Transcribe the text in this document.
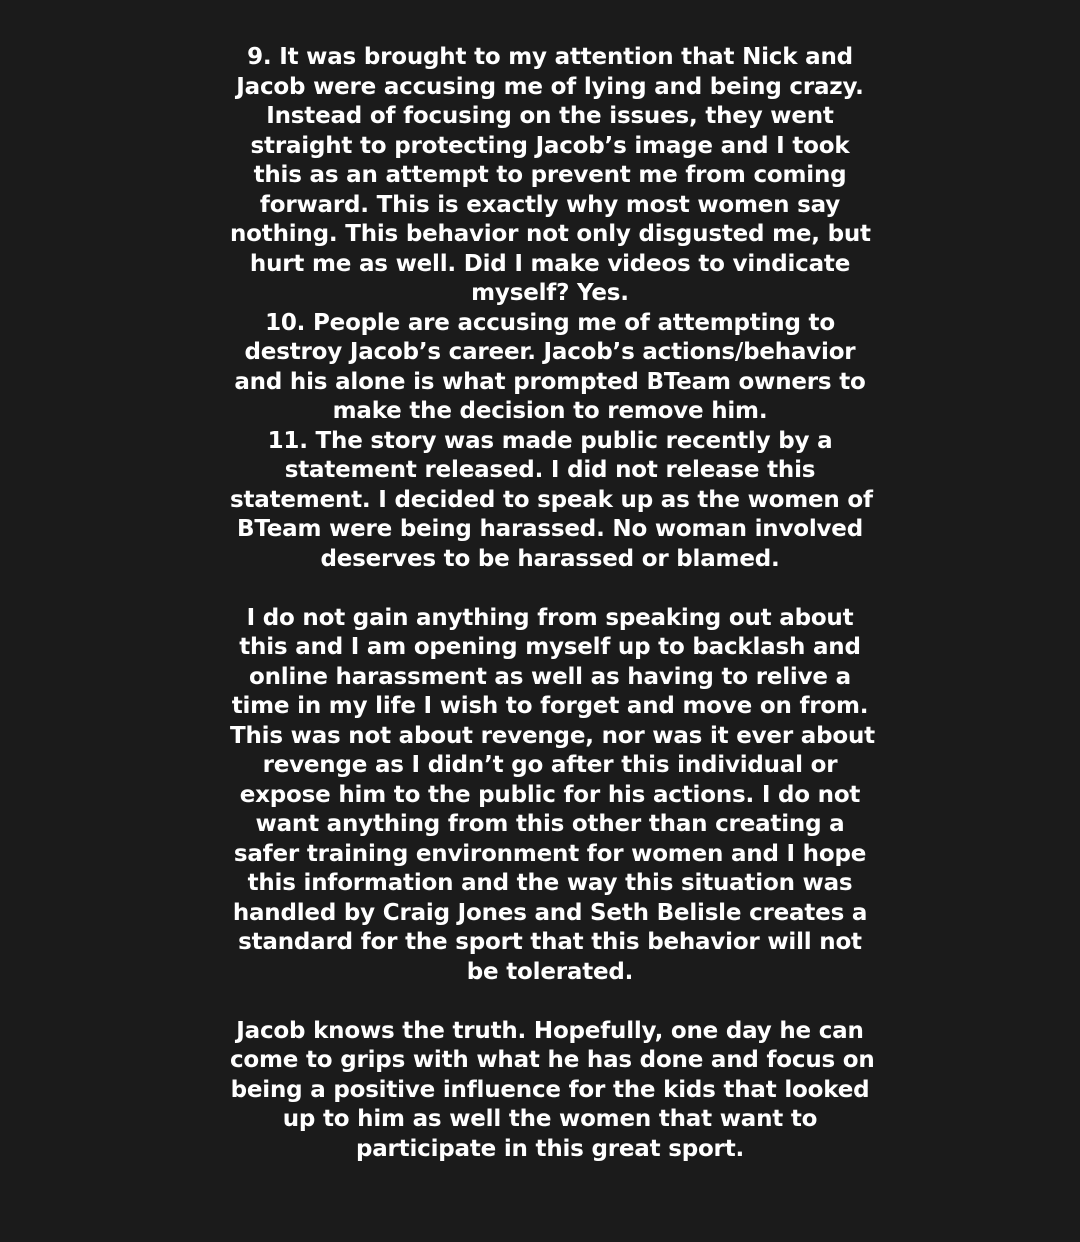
9. It was brought to my attention that Nick and
Jacob were accusing me of lying and being crazy.
Instead of focusing on the issues, they went
straight to protecting Jacob’s image and I took
this as an attempt to prevent me from coming
forward. This is exactly why most women say
nothing. This behavior not only disgusted me, but
hurt me as well. Did I make videos to vindicate
myself? Yes.
10. People are accusing me of attempting to
destroy Jacob’s career. Jacob’s actions/behavior
and his alone is what prompted BTeam owners to
make the decision to remove him.
11. The story was made public recently by a
statement released. I did not release this
statement. I decided to speak up as the women of
BTeam were being harassed. No woman involved
deserves to be harassed or blamed.
I do not gain anything from speaking out about
this and I am opening myself up to backlash and
online harassment as well as having to relive a
time in my life I wish to forget and move on from.
This was not about revenge, nor was it ever about
revenge as I didn’t go after this individual or
expose him to the public for his actions. I do not
want anything from this other than creating a
safer training environment for women and I hope
this information and the way this situation was
handled by Craig Jones and Seth Belisle creates a
standard for the sport that this behavior will not
be tolerated.
Jacob knows the truth. Hopefully, one day he can
come to grips with what he has done and focus on
being a positive influence for the kids that looked
up to him as well the women that want to
participate in this great sport.
